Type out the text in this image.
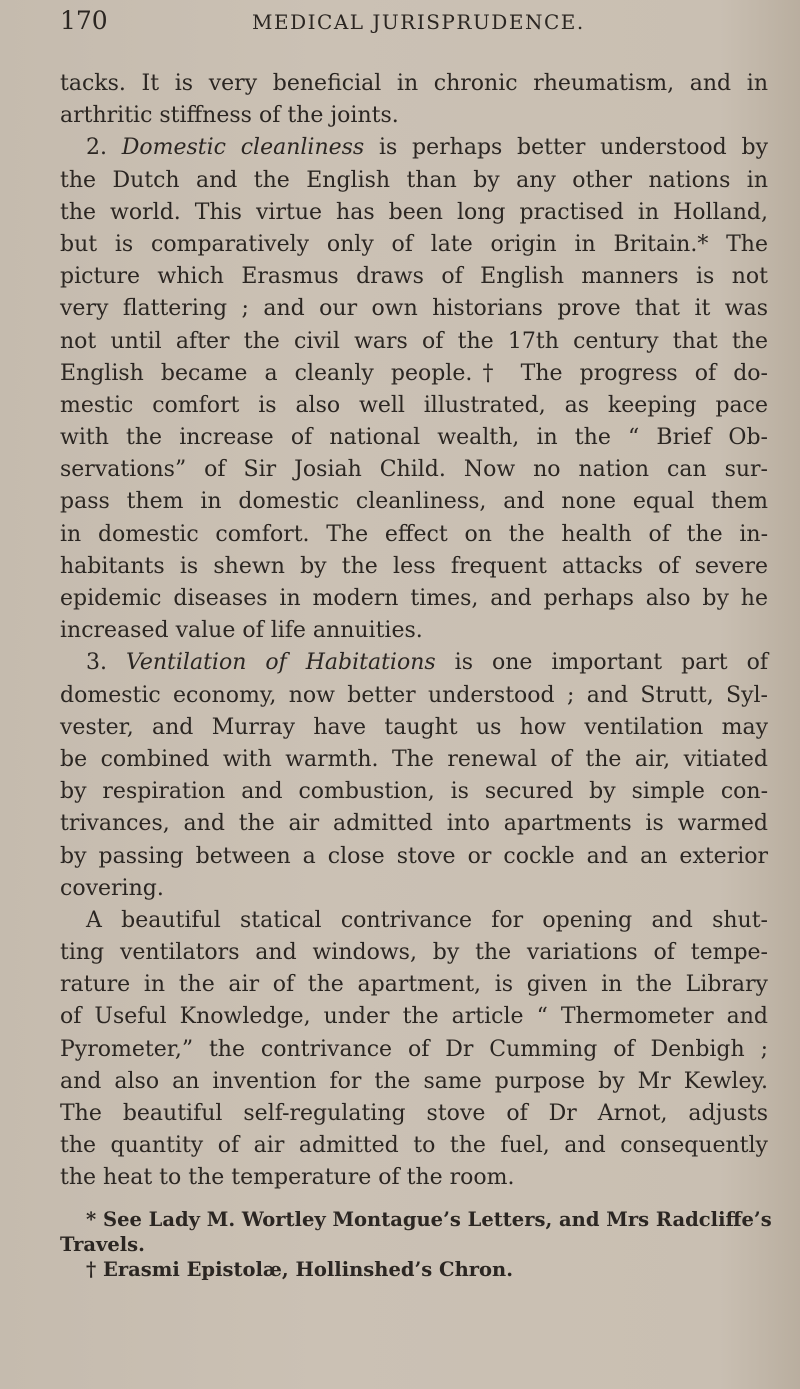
170	MEDICAL JURISPRUDENCE.
tacks. It is very beneficial in chronic rheumatism, and in
arthritic stiffness of the joints.
2. Domestic cleanliness is perhaps better understood by
the Dutch and the English than by any other nations in
the world. This virtue has been long practised in Holland,
but is comparatively only of late origin in Britain.* The
picture which Erasmus draws of English manners is not
very flattering ; and our own historians prove that it was
not until after the civil wars of the 17th century that the
English became a cleanly people.† The progress of do-
mestic comfort is also well illustrated, as keeping pace
with the increase of national wealth, in the “ Brief Ob-
servations” of Sir Josiah Child. Now no nation can sur-
pass them in domestic cleanliness, and none equal them
in domestic comfort. The effect on the health of the in-
habitants is shewn by the less frequent attacks of severe
epidemic diseases in modern times, and perhaps also by he
increased value of life annuities.
3. Ventilation of Habitations is one important part of
domestic economy, now better understood ; and Strutt, Syl-
vester, and Murray have taught us how ventilation may
be combined with warmth. The renewal of the air, vitiated
by respiration and combustion, is secured by simple con-
trivances, and the air admitted into apartments is warmed
by passing between a close stove or cockle and an exterior
covering.
A beautiful statical contrivance for opening and shut-
ting ventilators and windows, by the variations of tempe-
rature in the air of the apartment, is given in the Library
of Useful Knowledge, under the article “ Thermometer and
Pyrometer,” the contrivance of Dr Cumming of Denbigh ;
and also an invention for the same purpose by Mr Kewley.
The beautiful self-regulating stove of Dr Arnot, adjusts
the quantity of air admitted to the fuel, and consequently
the heat to the temperature of the room.
* See Lady M. Wortley Montague’s Letters, and Mrs Radcliffe’s
Travels.
† Erasmi Epistolæ, Hollinshed’s Chron.
